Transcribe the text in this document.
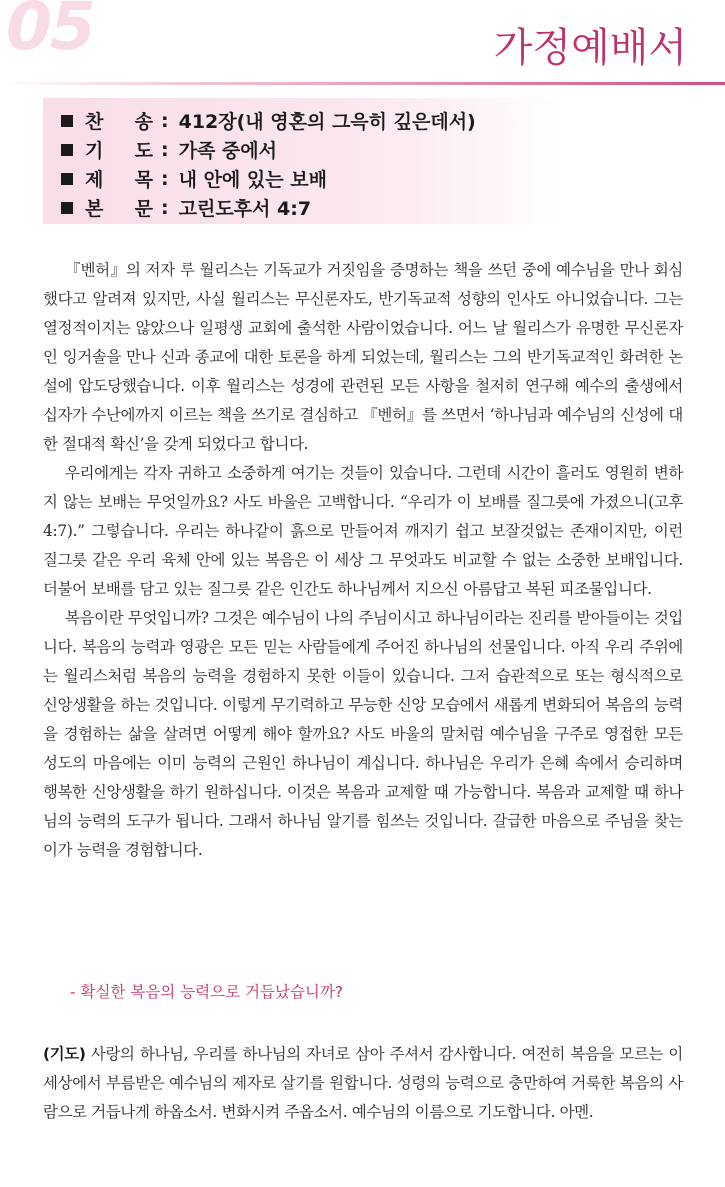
05	가정예배서
찬 송 : 412장(내 영혼의 그윽히 깊은데서)
기 도 : 가족 중에서
제 목 : 내 안에 있는 보배
본 문 : 고린도후서 4:7

『벤허』의 저자 루 월리스는 기독교가 거짓임을 증명하는 책을 쓰던 중에 예수님을 만나 회심했다고 알려져 있지만, 사실 월리스는 무신론자도, 반기독교적 성향의 인사도 아니었습니다. 그는 열정적이지는 않았으나 일평생 교회에 출석한 사람이었습니다. 어느 날 월리스가 유명한 무신론자인 잉거솔을 만나 신과 종교에 대한 토론을 하게 되었는데, 월리스는 그의 반기독교적인 화려한 논설에 압도당했습니다. 이후 월리스는 성경에 관련된 모든 사항을 철저히 연구해 예수의 출생에서 십자가 수난에까지 이르는 책을 쓰기로 결심하고 『벤허』를 쓰면서 ‘하나님과 예수님의 신성에 대한 절대적 확신’을 갖게 되었다고 합니다.

우리에게는 각자 귀하고 소중하게 여기는 것들이 있습니다. 그런데 시간이 흘러도 영원히 변하지 않는 보배는 무엇일까요? 사도 바울은 고백합니다. “우리가 이 보배를 질그릇에 가졌으니(고후 4:7).” 그렇습니다. 우리는 하나같이 흙으로 만들어져 깨지기 쉽고 보잘것없는 존재이지만, 이런 질그릇 같은 우리 육체 안에 있는 복음은 이 세상 그 무엇과도 비교할 수 없는 소중한 보배입니다. 더불어 보배를 담고 있는 질그릇 같은 인간도 하나님께서 지으신 아름답고 복된 피조물입니다.

복음이란 무엇입니까? 그것은 예수님이 나의 주님이시고 하나님이라는 진리를 받아들이는 것입니다. 복음의 능력과 영광은 모든 믿는 사람들에게 주어진 하나님의 선물입니다. 아직 우리 주위에는 월리스처럼 복음의 능력을 경험하지 못한 이들이 있습니다. 그저 습관적으로 또는 형식적으로 신앙생활을 하는 것입니다. 이렇게 무기력하고 무능한 신앙 모습에서 새롭게 변화되어 복음의 능력을 경험하는 삶을 살려면 어떻게 해야 할까요? 사도 바울의 말처럼 예수님을 구주로 영접한 모든 성도의 마음에는 이미 능력의 근원인 하나님이 계십니다. 하나님은 우리가 은혜 속에서 승리하며 행복한 신앙생활을 하기 원하십니다. 이것은 복음과 교제할 때 가능합니다. 복음과 교제할 때 하나님의 능력의 도구가 됩니다. 그래서 하나님 알기를 힘쓰는 것입니다. 갈급한 마음으로 주님을 찾는 이가 능력을 경험합니다.

- 확실한 복음의 능력으로 거듭났습니까?
(기도) 사랑의 하나님, 우리를 하나님의 자녀로 삼아 주셔서 감사합니다. 여전히 복음을 모르는 이 세상에서 부름받은 예수님의 제자로 살기를 원합니다. 성령의 능력으로 충만하여 거룩한 복음의 사람으로 거듭나게 하옵소서. 변화시켜 주옵소서. 예수님의 이름으로 기도합니다. 아멘.
